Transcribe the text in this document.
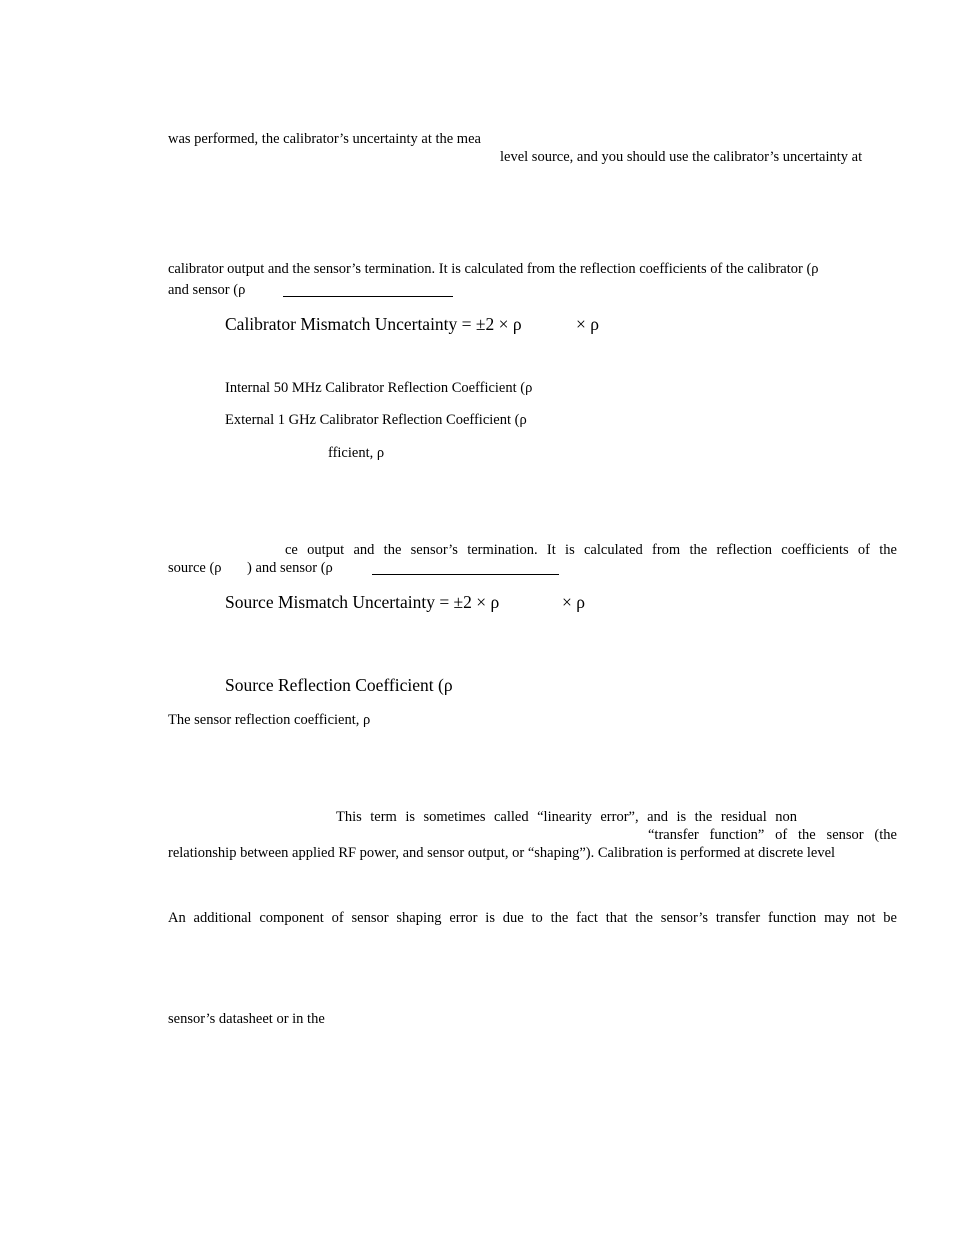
was performed, the calibrator’s uncertainty at the mea

level source, and you should use the calibrator’s uncertainty at

calibrator output and the sensor’s termination. It is calculated from the reflection coefficients of the calibrator (ρ

and sensor (ρ

Calibrator Mismatch Uncertainty = ±2 × ρ	× ρ

Internal 50 MHz Calibrator Reflection Coefficient (ρ

External 1 GHz Calibrator Reflection Coefficient (ρ

fficient, ρ

ce output and the sensor’s termination. It is calculated from the reflection coefficients of the

source (ρ ) and sensor (ρ

Source Mismatch Uncertainty = ±2 × ρ	× ρ

Source Reflection Coefficient (ρ

The sensor reflection coefficient, ρ

This term is sometimes called “linearity error”, and is the residual non
“transfer function” of the sensor (the

relationship between applied RF power, and sensor output, or “shaping”). Calibration is performed at discrete level

An additional component of sensor shaping error is due to the fact that the sensor’s transfer function may not be

sensor’s datasheet or in the
